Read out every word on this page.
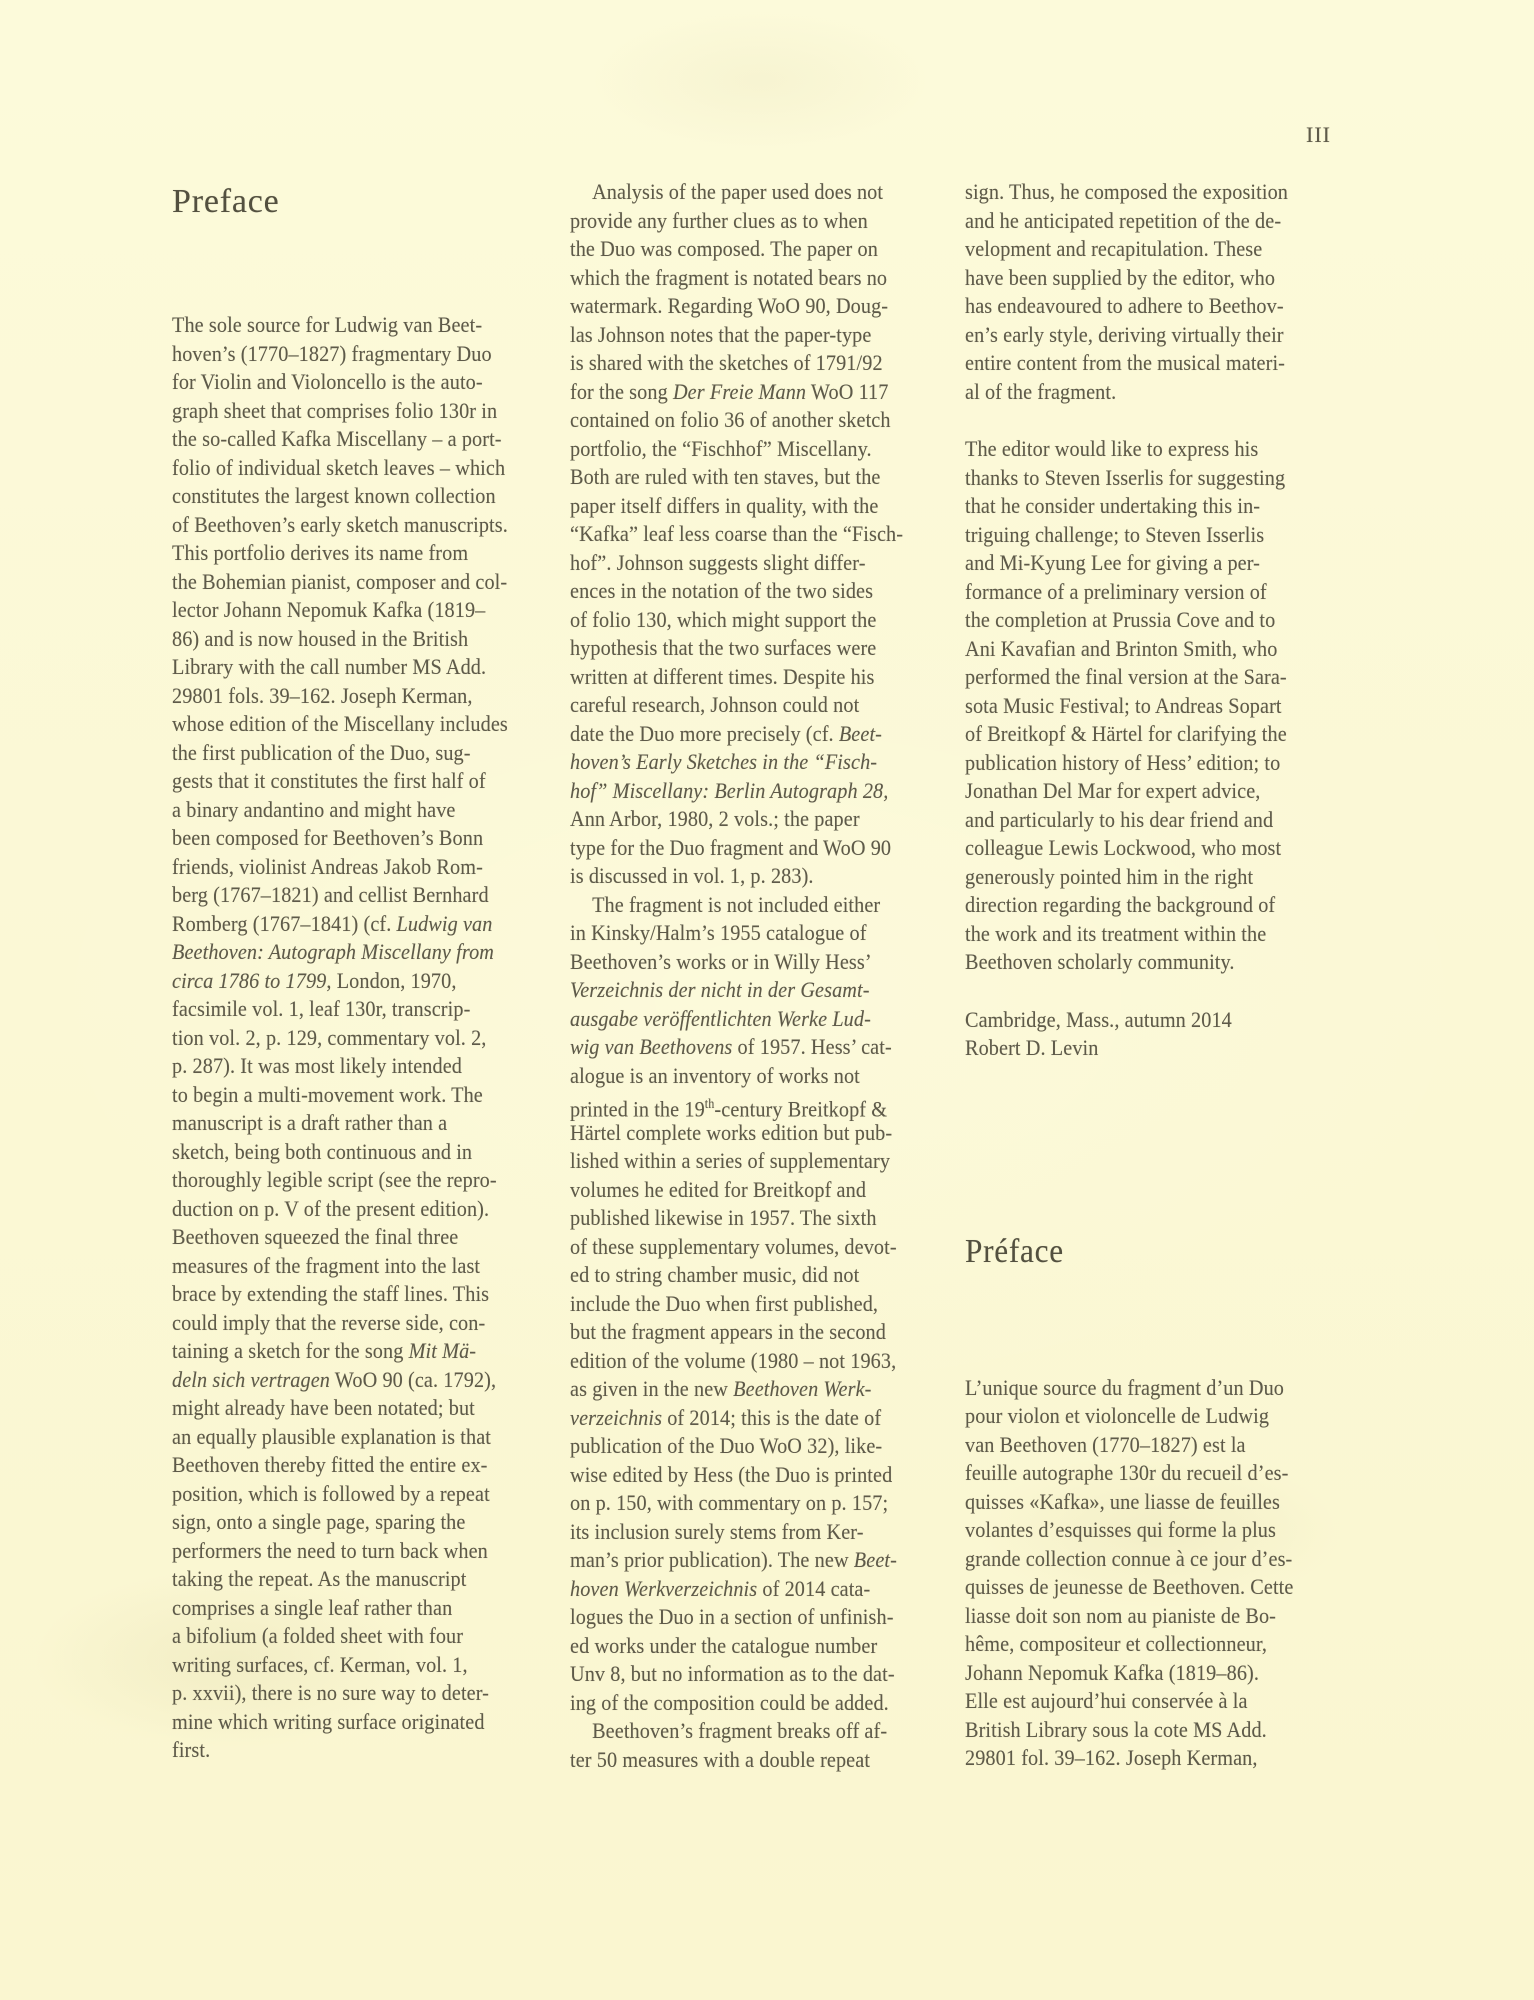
III
Preface
The sole source for Ludwig van Beet-
hoven’s (1770–1827) fragmentary Duo
for Violin and Violoncello is the auto-
graph sheet that comprises folio 130r in
the so-called Kafka Miscellany – a port-
folio of individual sketch leaves – which
constitutes the largest known collection
of Beethoven’s early sketch manuscripts.
This portfolio derives its name from
the Bohemian pianist, composer and col-
lector Johann Nepomuk Kafka (1819–
86) and is now housed in the British
Library with the call number MS Add.
29801 fols. 39–162. Joseph Kerman,
whose edition of the Miscellany includes
the first publication of the Duo, sug-
gests that it constitutes the first half of
a binary andantino and might have
been composed for Beethoven’s Bonn
friends, violinist Andreas Jakob Rom-
berg (1767–1821) and cellist Bernhard
Romberg (1767–1841) (cf. Ludwig van
Beethoven: Autograph Miscellany from
circa 1786 to 1799, London, 1970,
facsimile vol. 1, leaf 130r, transcrip-
tion vol. 2, p. 129, commentary vol. 2,
p. 287). It was most likely intended
to begin a multi-movement work. The
manuscript is a draft rather than a
sketch, being both continuous and in
thoroughly legible script (see the repro-
duction on p. V of the present edition).
Beethoven squeezed the final three
measures of the fragment into the last
brace by extending the staff lines. This
could imply that the reverse side, con-
taining a sketch for the song Mit Mä-
deln sich vertragen WoO 90 (ca. 1792),
might already have been notated; but
an equally plausible explanation is that
Beethoven thereby fitted the entire ex-
position, which is followed by a repeat
sign, onto a single page, sparing the
performers the need to turn back when
taking the repeat. As the manuscript
comprises a single leaf rather than
a bifolium (a folded sheet with four
writing surfaces, cf. Kerman, vol. 1,
p. xxvii), there is no sure way to deter-
mine which writing surface originated
first.
Analysis of the paper used does not
provide any further clues as to when
the Duo was composed. The paper on
which the fragment is notated bears no
watermark. Regarding WoO 90, Doug-
las Johnson notes that the paper-type
is shared with the sketches of 1791/92
for the song Der Freie Mann WoO 117
contained on folio 36 of another sketch
portfolio, the “Fischhof” Miscellany.
Both are ruled with ten staves, but the
paper itself differs in quality, with the
“Kafka” leaf less coarse than the “Fisch-
hof”. Johnson suggests slight differ-
ences in the notation of the two sides
of folio 130, which might support the
hypothesis that the two surfaces were
written at different times. Despite his
careful research, Johnson could not
date the Duo more precisely (cf. Beet-
hoven’s Early Sketches in the “Fisch-
hof” Miscellany: Berlin Autograph 28,
Ann Arbor, 1980, 2 vols.; the paper
type for the Duo fragment and WoO 90
is discussed in vol. 1, p. 283).
The fragment is not included either
in Kinsky/Halm’s 1955 catalogue of
Beethoven’s works or in Willy Hess’
Verzeichnis der nicht in der Gesamt-
ausgabe veröffentlichten Werke Lud-
wig van Beethovens of 1957. Hess’ cat-
alogue is an inventory of works not
printed in the 19th-century Breitkopf &
Härtel complete works edition but pub-
lished within a series of supplementary
volumes he edited for Breitkopf and
published likewise in 1957. The sixth
of these supplementary volumes, devot-
ed to string chamber music, did not
include the Duo when first published,
but the fragment appears in the second
edition of the volume (1980 – not 1963,
as given in the new Beethoven Werk-
verzeichnis of 2014; this is the date of
publication of the Duo WoO 32), like-
wise edited by Hess (the Duo is printed
on p. 150, with commentary on p. 157;
its inclusion surely stems from Ker-
man’s prior publication). The new Beet-
hoven Werkverzeichnis of 2014 cata-
logues the Duo in a section of unfinish-
ed works under the catalogue number
Unv 8, but no information as to the dat-
ing of the composition could be added.
Beethoven’s fragment breaks off af-
ter 50 measures with a double repeat
sign. Thus, he composed the exposition
and he anticipated repetition of the de-
velopment and recapitulation. These
have been supplied by the editor, who
has endeavoured to adhere to Beethov-
en’s early style, deriving virtually their
entire content from the musical materi-
al of the fragment.
The editor would like to express his
thanks to Steven Isserlis for suggesting
that he consider undertaking this in-
triguing challenge; to Steven Isserlis
and Mi-Kyung Lee for giving a per-
formance of a preliminary version of
the completion at Prussia Cove and to
Ani Kavafian and Brinton Smith, who
performed the final version at the Sara-
sota Music Festival; to Andreas Sopart
of Breitkopf & Härtel for clarifying the
publication history of Hess’ edition; to
Jonathan Del Mar for expert advice,
and particularly to his dear friend and
colleague Lewis Lockwood, who most
generously pointed him in the right
direction regarding the background of
the work and its treatment within the
Beethoven scholarly community.
Cambridge, Mass., autumn 2014
Robert D. Levin
Préface
L’unique source du fragment d’un Duo
pour violon et violoncelle de Ludwig
van Beethoven (1770–1827) est la
feuille autographe 130r du recueil d’es-
quisses «Kafka», une liasse de feuilles
volantes d’esquisses qui forme la plus
grande collection connue à ce jour d’es-
quisses de jeunesse de Beethoven. Cette
liasse doit son nom au pianiste de Bo-
hême, compositeur et collectionneur,
Johann Nepomuk Kafka (1819–86).
Elle est aujourd’hui conservée à la
British Library sous la cote MS Add.
29801 fol. 39–162. Joseph Kerman,
